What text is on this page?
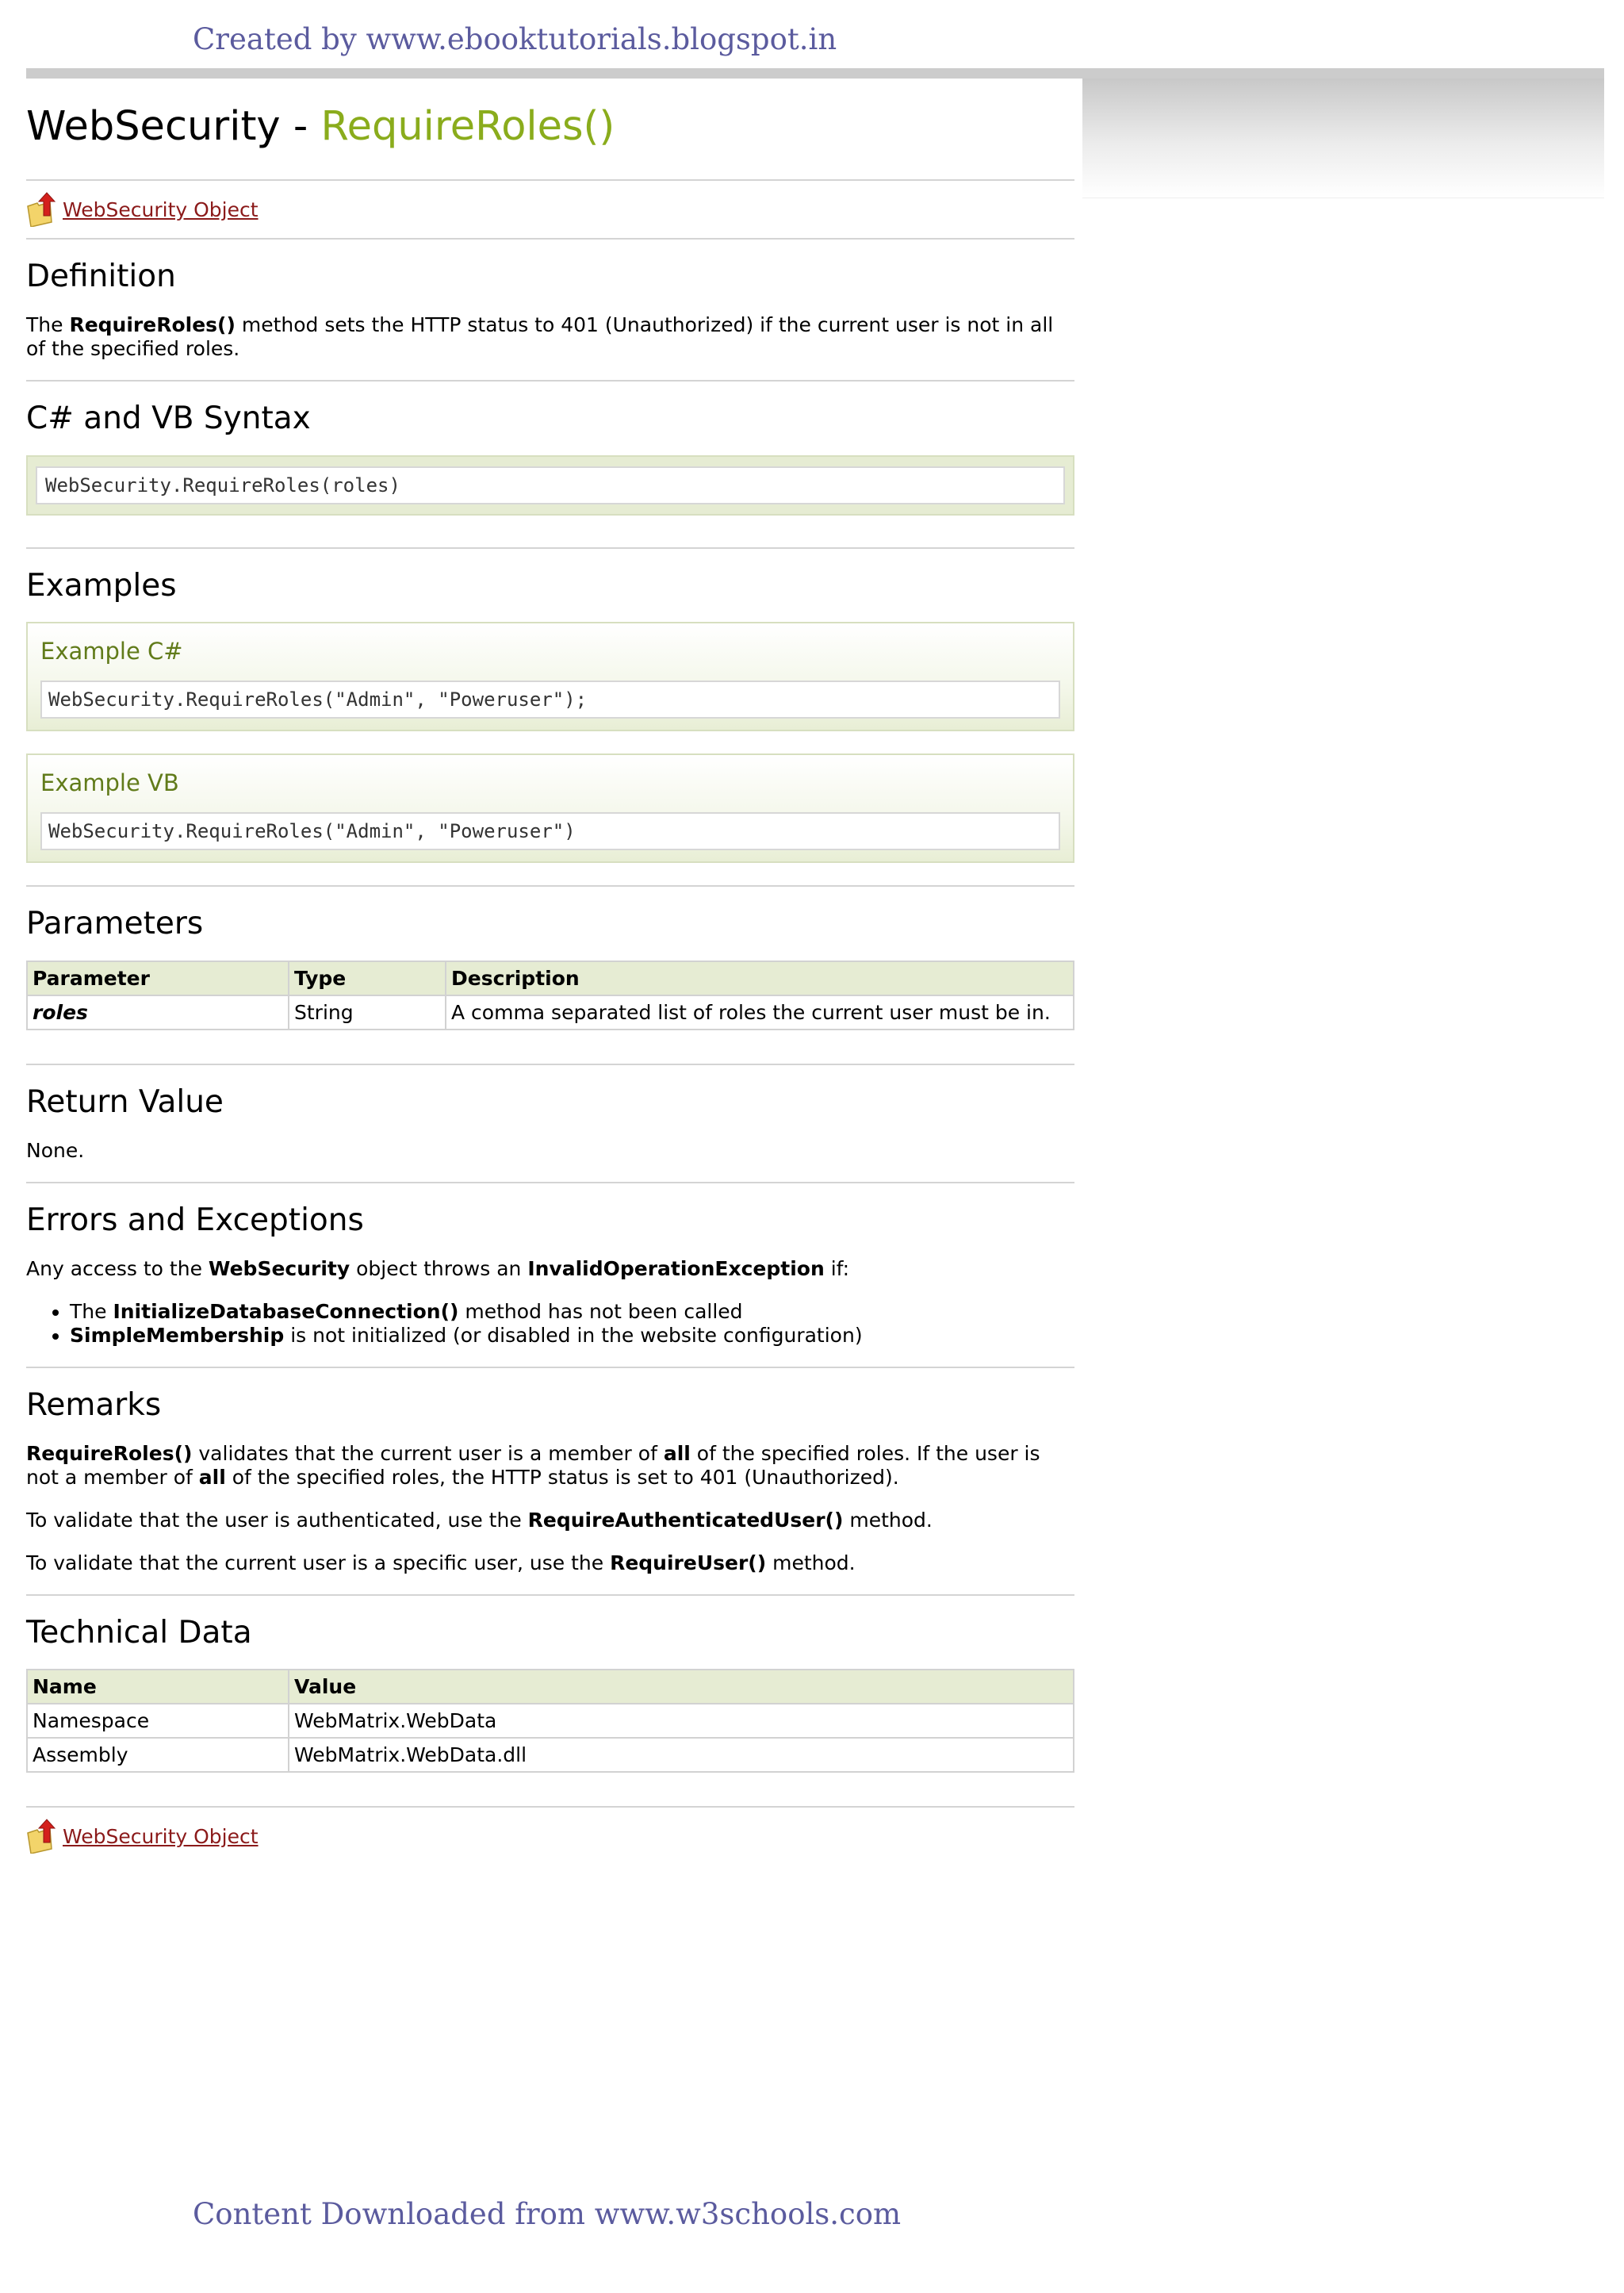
Created by www.ebooktutorials.blogspot.in
WebSecurity - RequireRoles()
WebSecurity Object
Definition

The RequireRoles() method sets the HTTP status to 401 (Unauthorized) if the current user is not in all of the specified roles.

C# and VB Syntax
WebSecurity.RequireRoles(roles)
Examples
Example C#
WebSecurity.RequireRoles("Admin", "Poweruser");
Example VB
WebSecurity.RequireRoles("Admin", "Poweruser")
Parameters
Parameter	Type	Description
roles	String	A comma separated list of roles the current user must be in.
Return Value

None.

Errors and Exceptions

Any access to the WebSecurity object throws an InvalidOperationException if:

• The InitializeDatabaseConnection() method has not been called
• SimpleMembership is not initialized (or disabled in the website configuration)
Remarks

RequireRoles() validates that the current user is a member of all of the specified roles. If the user is not a member of all of the specified roles, the HTTP status is set to 401 (Unauthorized).

To validate that the user is authenticated, use the RequireAuthenticatedUser() method.

To validate that the current user is a specific user, use the RequireUser() method.

Technical Data
Name	Value
Namespace	WebMatrix.WebData
Assembly	WebMatrix.WebData.dll
WebSecurity Object
Content Downloaded from www.w3schools.com
